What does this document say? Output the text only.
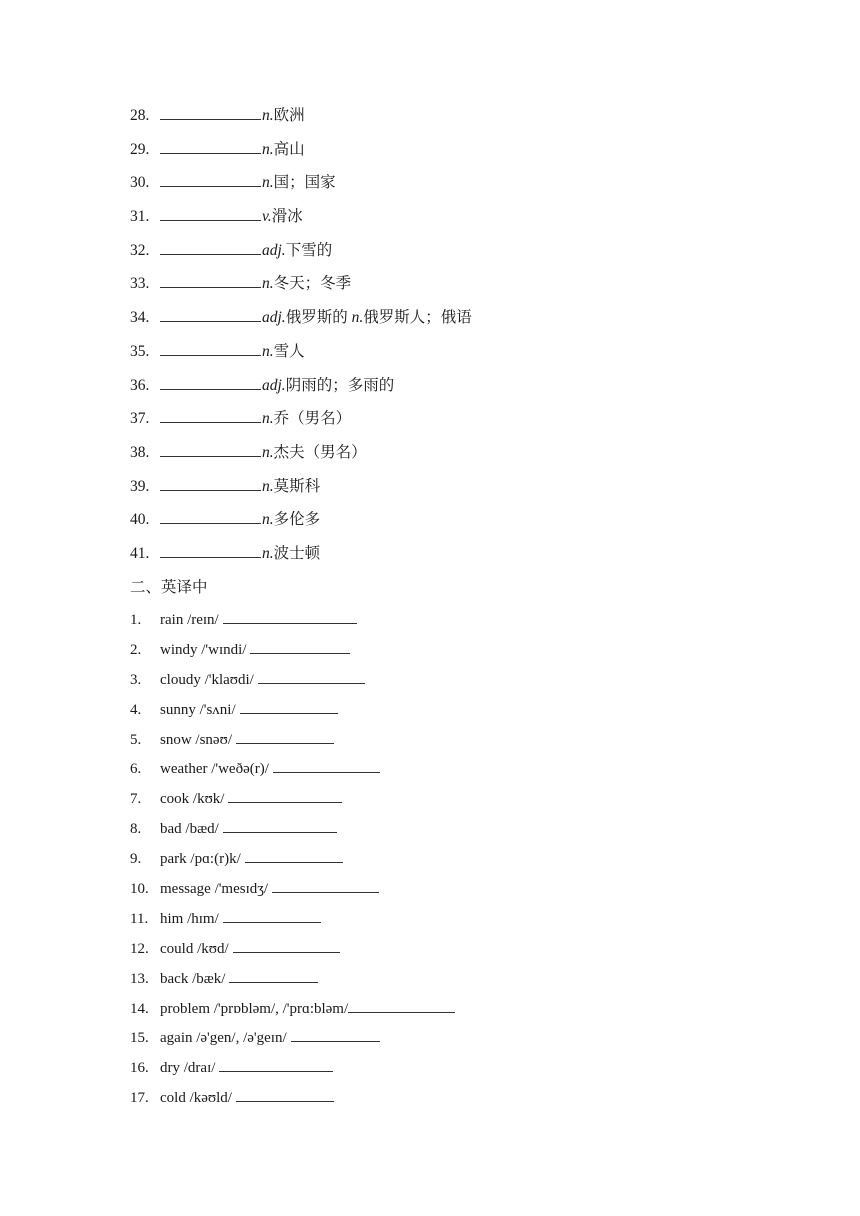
28.	n.欧洲
29.	n.高山
30.	n.国；国家
31.	v.滑冰
32.	adj.下雪的
33.	n.冬天；冬季
34.	adj.俄罗斯的 n.俄罗斯人；俄语
35.	n.雪人
36.	adj.阴雨的；多雨的
37.	n.乔（男名）
38.	n.杰夫（男名）
39.	n.莫斯科
40.	n.多伦多
41.	n.波士顿
二、英译中
1. rain /reɪn/
2. windy /'wɪndi/
3. cloudy /'klaʊdi/
4. sunny /'sʌni/
5. snow /snəʊ/
6. weather /'weðə(r)/
7. cook /kʊk/
8. bad /bæd/
9. park /pɑ:(r)k/
10. message /'mesɪdʒ/
11. him /hɪm/
12. could /kʊd/
13. back /bæk/
14. problem /'prɒbləm/, /'prɑ:bləm/
15. again /ə'gen/, /ə'geɪn/
16. dry /draɪ/
17. cold /kəʊld/
